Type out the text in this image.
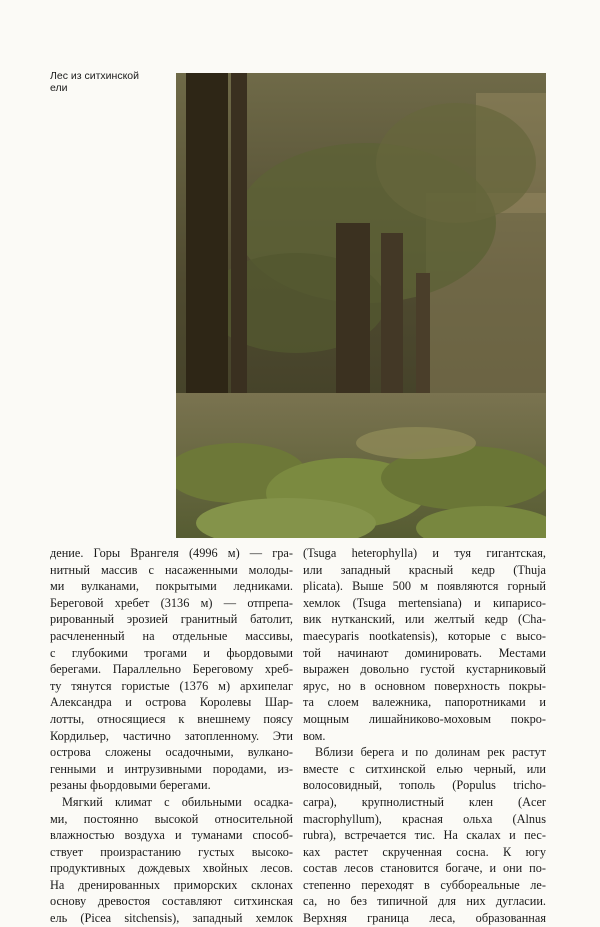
Лес из ситхинской
ели
дение. Горы Врангеля (4996 м) — гра-
нитный массив с насаженными молоды-
ми вулканами, покрытыми ледниками.
Береговой хребет (3136 м) — отпрепа-
рированный эрозией гранитный батолит,
расчлененный на отдельные массивы,
с глубокими трогами и фьордовыми
берегами. Параллельно Береговому хреб-
ту тянутся гористые (1376 м) архипелаг
Александра и острова Королевы Шар-
лотты, относящиеся к внешнему поясу
Кордильер, частично затопленному. Эти
острова сложены осадочными, вулкано-
генными и интрузивными породами, из-
резаны фьордовыми берегами.
Мягкий климат с обильными осадка-
ми, постоянно высокой относительной
влажностью воздуха и туманами способ-
ствует произрастанию густых высоко-
продуктивных дождевых хвойных лесов.
На дренированных приморских склонах
основу древостоя составляют ситхинская
ель (Picea sitchensis), западный хемлок
(Tsuga heterophylla) и туя гигантская,
или западный красный кедр (Thuja
plicata). Выше 500 м появляются горный
хемлок (Tsuga mertensiana) и кипарисо-
вик нутканский, или желтый кедр (Cha-
maecyparis nootkatensis), которые с высо-
той начинают доминировать. Местами
выражен довольно густой кустарниковый
ярус, но в основном поверхность покры-
та слоем валежника, папоротниками и
мощным лишайниково-моховым покро-
вом.
Вблизи берега и по долинам рек растут
вместе с ситхинской елью черный, или
волосовидный, тополь (Populus tricho-
carpa), крупнолистный клен (Acer
macrophyllum), красная ольха (Alnus
rubra), встречается тис. На скалах и пес-
ках растет скрученная сосна. К югу
состав лесов становится богаче, и они по-
степенно переходят в суббореальные ле-
са, но без типичной для них дугласии.
Верхняя граница леса, образованная
